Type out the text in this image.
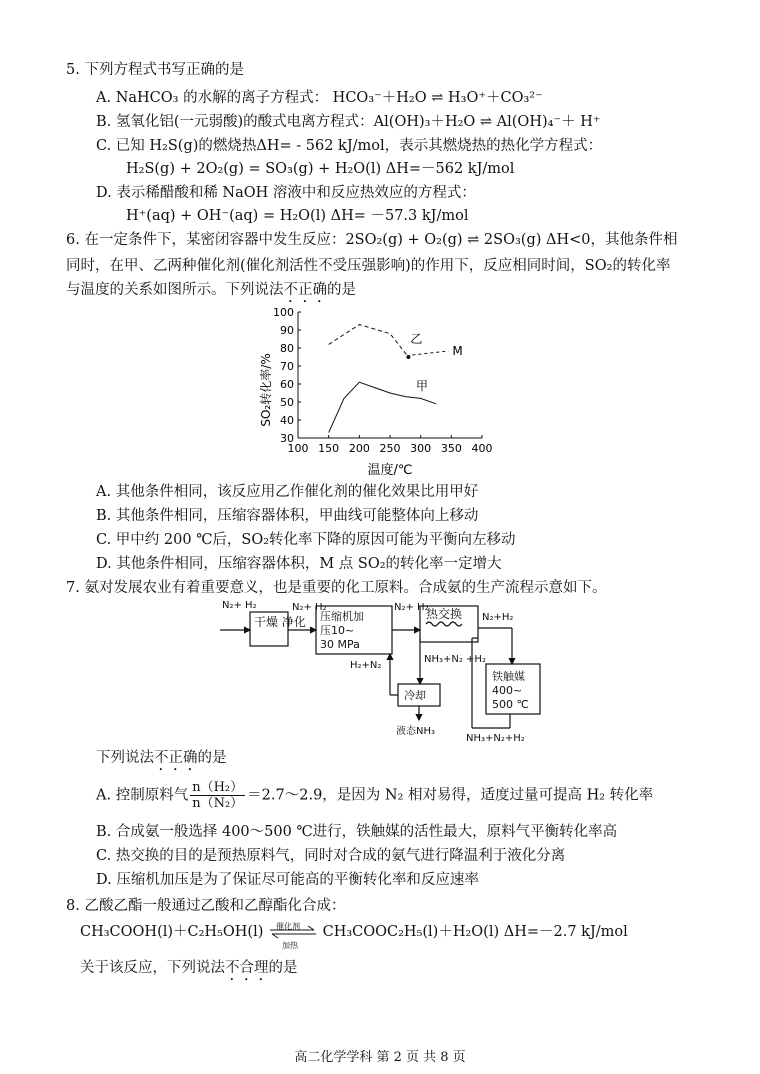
5. 下列方程式书写正确的是
A. NaHCO₃ 的水解的离子方程式： HCO₃⁻＋H₂O ⇌ H₃O⁺＋CO₃²⁻
B. 氢氧化铝(一元弱酸)的酸式电离方程式：Al(OH)₃＋H₂O ⇌ Al(OH)₄⁻＋ H⁺
C. 已知 H₂S(g)的燃烧热ΔH= - 562 kJ/mol，表示其燃烧热的热化学方程式：
H₂S(g) + 2O₂(g) = SO₃(g) + H₂O(l) ΔH=－562 kJ/mol
D. 表示稀醋酸和稀 NaOH 溶液中和反应热效应的方程式：
H⁺(aq) + OH⁻(aq) = H₂O(l) ΔH= －57.3 kJ/mol
6. 在一定条件下，某密闭容器中发生反应：2SO₂(g) + O₂(g) ⇌ 2SO₃(g) ΔH<0，其他条件相
同时，在甲、乙两种催化剂(催化剂活性不受压强影响)的作用下，反应相同时间，SO₂的转化率
与温度的关系如图所示。下列说法不正确的是
100 150 200 250 300 350 400
30
40
50
60
70
80
90
100
乙
甲
M
SO₂转化率/%
温度/℃
A. 其他条件相同，该反应用乙作催化剂的催化效果比用甲好
B. 其他条件相同，压缩容器体积，甲曲线可能整体向上移动
C. 甲中约 200 ℃后，SO₂转化率下降的原因可能为平衡向左移动
D. 其他条件相同，压缩容器体积，M 点 SO₂的转化率一定增大
7. 氨对发展农业有着重要意义，也是重要的化工原料。合成氨的生产流程示意如下。
N₂+ H₂
干燥 净化
N₂+ H₂
压缩机加
压10~
30 MPa
N₂+ H₂
热交换 N₂+H₂
铁触媒
400~
500 ℃
H₂+N₂
NH₃+N₂ +H₂
冷却
液态NH₃
NH₃+N₂+H₂
下列说法不正确的是
A. 控制原料气 $\frac{\text{n（H₂）}}{\text{n（N₂）}}$ ＝2.7～2.9，是因为 N₂ 相对易得，适度过量可提高 H₂ 转化率
B. 合成氨一般选择 400～500 ℃进行，铁触媒的活性最大，原料气平衡转化率高
C. 热交换的目的是预热原料气，同时对合成的氨气进行降温利于液化分离
D. 压缩机加压是为了保证尽可能高的平衡转化率和反应速率
8. 乙酸乙酯一般通过乙酸和乙醇酯化合成：
CH₃COOH(l)＋C₂H₅OH(l) 催化剂
加热
CH₃COOC₂H₅(l)＋H₂O(l) ΔH=－2.7 kJ/mol
关于该反应，下列说法不合理的是
高二化学学科 第 2 页 共 8 页
